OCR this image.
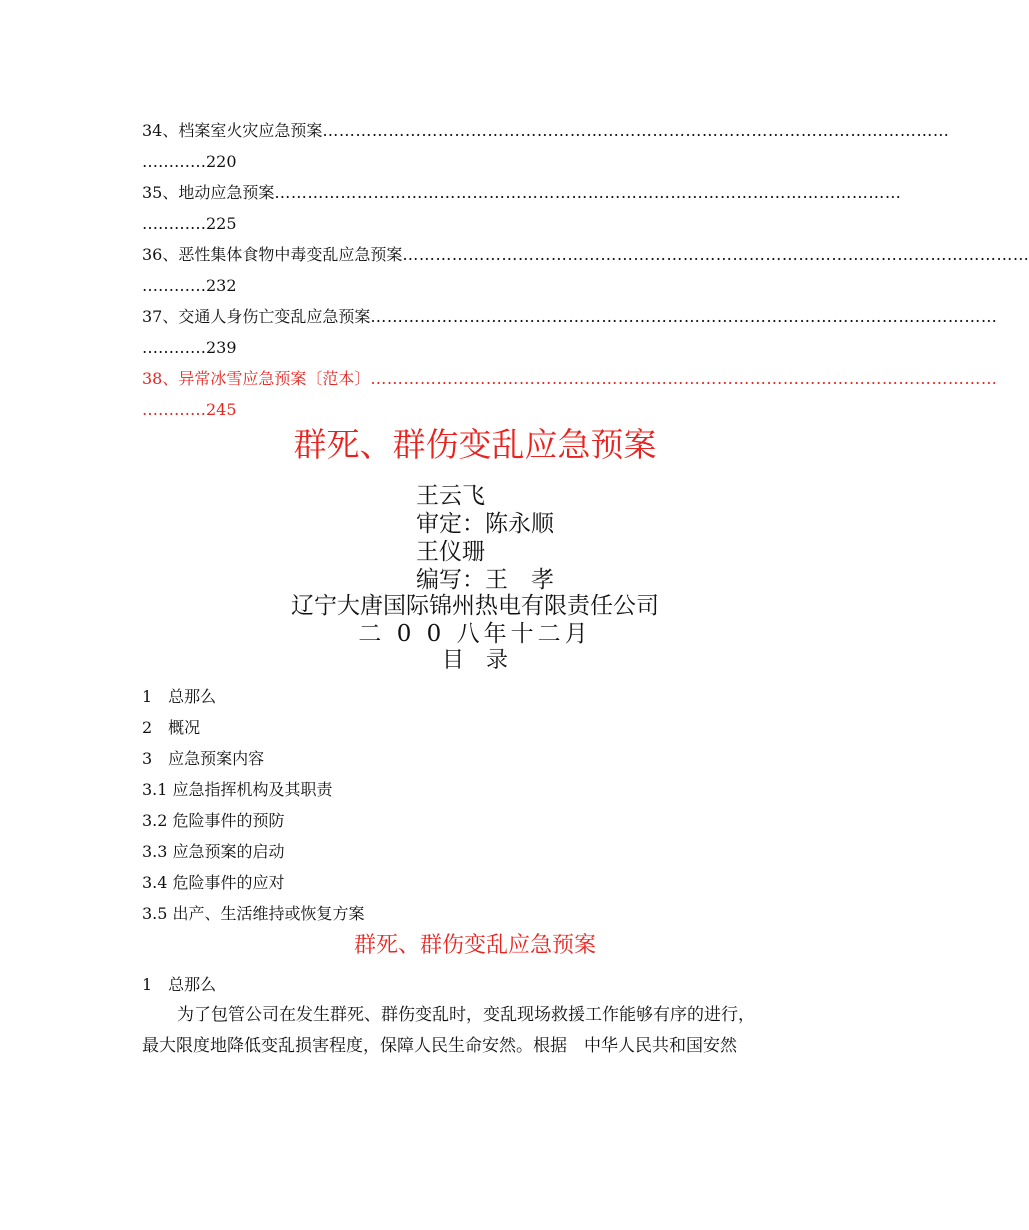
34、档案室火灾应急预案 ……………………………………………………………………………………………………
…………220
35、地动应急预案 ……………………………………………………………………………………………………
…………225
36、恶性集体食物中毒变乱应急预案 ……………………………………………………………………………………………………
…………232
37、交通人身伤亡变乱应急预案 ……………………………………………………………………………………………………
…………239
38、异常冰雪应急预案〔范本〕 ……………………………………………………………………………………………………
…………245
群死、群伤变乱应急预案
王云飞
审定：陈永顺
王仪珊
编写：王　孝
辽宁大唐国际锦州热电有限责任公司
二 0 0 八年十二月
目　录
1　总那么
2　概况
3　应急预案内容
3.1 应急指挥机构及其职责
3.2 危险事件的预防
3.3 应急预案的启动
3.4 危险事件的应对
3.5 出产、生活维持或恢复方案
群死、群伤变乱应急预案
1　总那么
为了包管公司在发生群死、群伤变乱时，变乱现场救援工作能够有序的进行，
最大限度地降低变乱损害程度，保障人民生命安然。根据　中华人民共和国安然
